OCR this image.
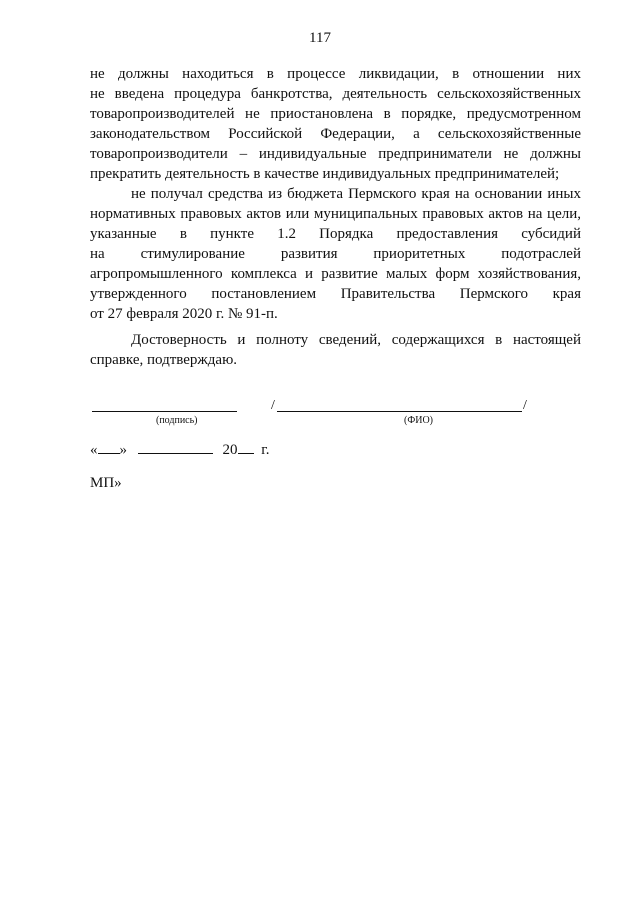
117
не должны находиться в процессе ликвидации, в отношении них
не введена процедура банкротства, деятельность сельскохозяйственных
товаропроизводителей не приостановлена в порядке, предусмотренном
законодательством Российской Федерации, а сельскохозяйственные
товаропроизводители – индивидуальные предприниматели не должны
прекратить деятельность в качестве индивидуальных предпринимателей;
не получал средства из бюджета Пермского края на основании иных
нормативных правовых актов или муниципальных правовых актов на цели,
указанные в пункте 1.2 Порядка предоставления субсидий
на стимулирование развития приоритетных подотраслей
агропромышленного комплекса и развитие малых форм хозяйствования,
утвержденного постановлением Правительства Пермского края
от 27 февраля 2020 г. № 91-п.
Достоверность и полноту сведений, содержащихся в настоящей
справке, подтверждаю.
/	/
(подпись)	(ФИО)
« »	20 г.
МП»
